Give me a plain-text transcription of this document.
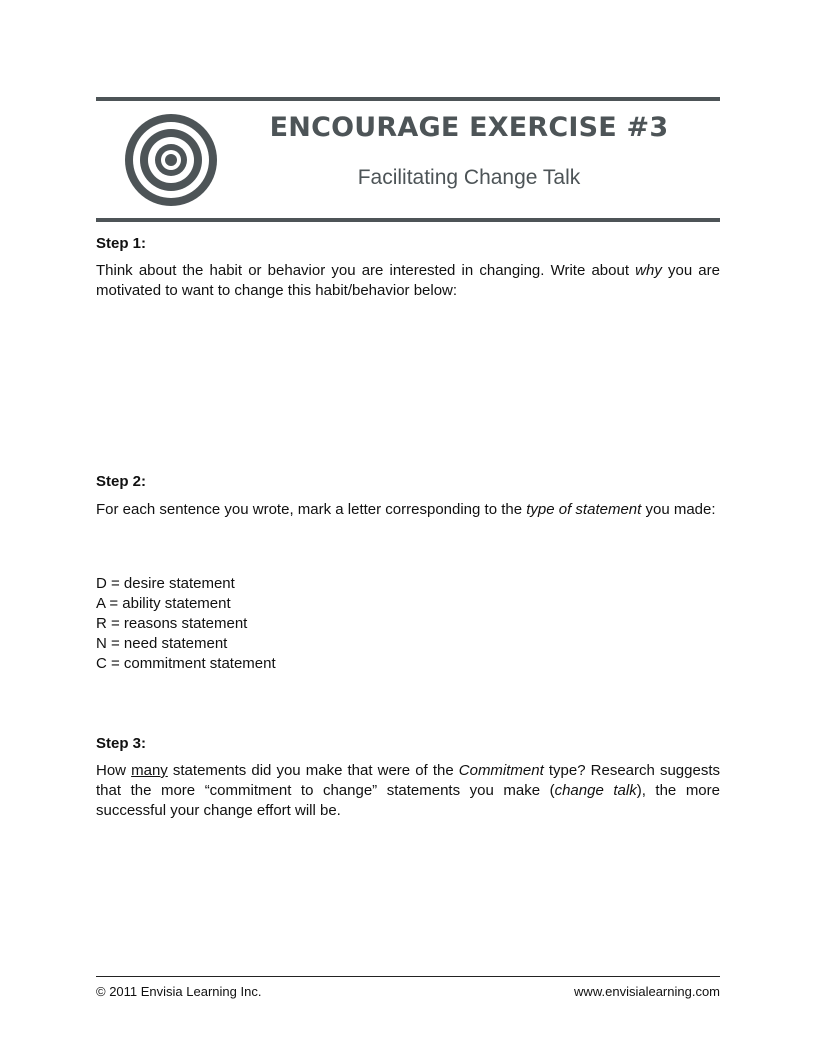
ENCOURAGE EXERCISE #3
Facilitating Change Talk
Step 1:
Think about the habit or behavior you are interested in changing. Write about why you are motivated to want to change this habit/behavior below:
Step 2:
For each sentence you wrote, mark a letter corresponding to the type of statement you made:
D = desire statement
A = ability statement
R = reasons statement
N = need statement
C = commitment statement
Step 3:
How many statements did you make that were of the Commitment type? Research suggests that the more “commitment to change” statements you make (change talk), the more successful your change effort will be.
© 2011 Envisia Learning Inc.	www.envisialearning.com
